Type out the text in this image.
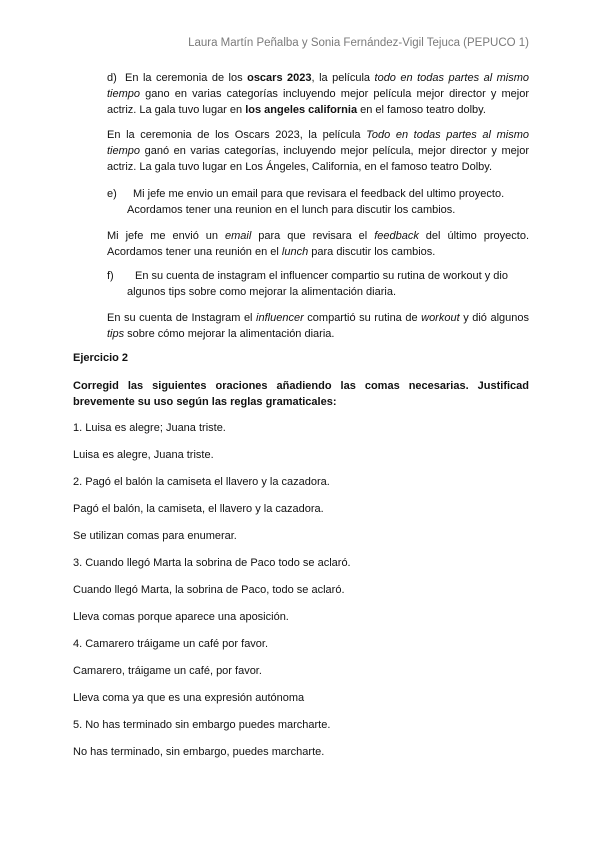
Laura Martín Peñalba y Sonia Fernández-Vigil Tejuca (PEPUCO 1)
d) En la ceremonia de los oscars 2023, la película todo en todas partes al mismo tiempo gano en varias categorías incluyendo mejor película mejor director y mejor actriz. La gala tuvo lugar en los angeles california en el famoso teatro dolby.
En la ceremonia de los Oscars 2023, la película Todo en todas partes al mismo tiempo ganó en varias categorías, incluyendo mejor película, mejor director y mejor actriz. La gala tuvo lugar en Los Ángeles, California, en el famoso teatro Dolby.
e) Mi jefe me envio un email para que revisara el feedback del ultimo proyecto.
Acordamos tener una reunion en el lunch para discutir los cambios.
Mi jefe me envió un email para que revisara el feedback del último proyecto. Acordamos tener una reunión en el lunch para discutir los cambios.
f) En su cuenta de instagram el influencer compartio su rutina de workout y dio
algunos tips sobre como mejorar la alimentación diaria.
En su cuenta de Instagram el influencer compartió su rutina de workout y dió algunos tips sobre cómo mejorar la alimentación diaria.
Ejercicio 2
Corregid las siguientes oraciones añadiendo las comas necesarias. Justificad brevemente su uso según las reglas gramaticales:
1. Luisa es alegre; Juana triste.
Luisa es alegre, Juana triste.
2. Pagó el balón la camiseta el llavero y la cazadora.
Pagó el balón, la camiseta, el llavero y la cazadora.
Se utilizan comas para enumerar.
3. Cuando llegó Marta la sobrina de Paco todo se aclaró.
Cuando llegó Marta, la sobrina de Paco, todo se aclaró.
Lleva comas porque aparece una aposición.
4. Camarero tráigame un café por favor.
Camarero, tráigame un café, por favor.
Lleva coma ya que es una expresión autónoma
5. No has terminado sin embargo puedes marcharte.
No has terminado, sin embargo, puedes marcharte.
